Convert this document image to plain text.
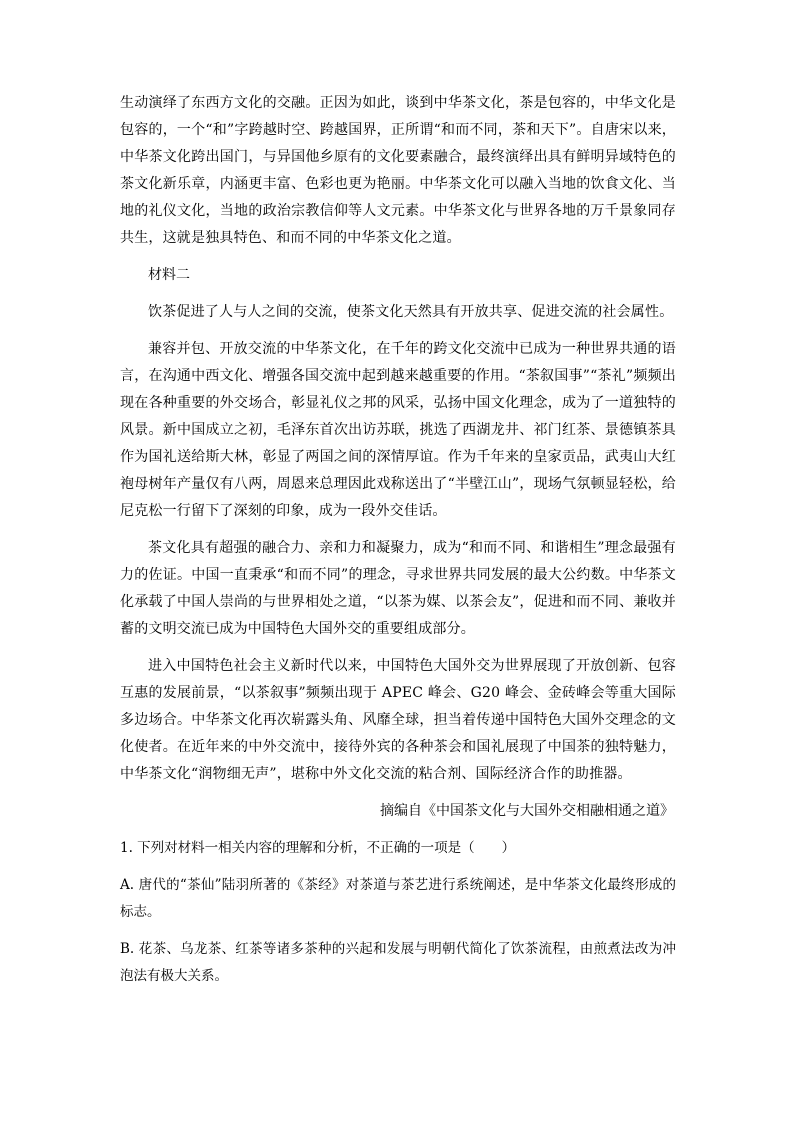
生动演绎了东西方文化的交融。正因为如此，谈到中华茶文化，茶是包容的，中华文化是包容的，一个“和”字跨越时空、跨越国界，正所谓“和而不同，茶和天下”。自唐宋以来，中华茶文化跨出国门，与异国他乡原有的文化要素融合，最终演绎出具有鲜明异域特色的茶文化新乐章，内涵更丰富、色彩也更为艳丽。中华茶文化可以融入当地的饮食文化、当地的礼仪文化，当地的政治宗教信仰等人文元素。中华茶文化与世界各地的万千景象同存共生，这就是独具特色、和而不同的中华茶文化之道。

材料二

饮茶促进了人与人之间的交流，使茶文化天然具有开放共享、促进交流的社会属性。

兼容并包、开放交流的中华茶文化，在千年的跨文化交流中已成为一种世界共通的语言，在沟通中西文化、增强各国交流中起到越来越重要的作用。“茶叙国事”“茶礼”频频出现在各种重要的外交场合，彰显礼仪之邦的风采，弘扬中国文化理念，成为了一道独特的风景。新中国成立之初，毛泽东首次出访苏联，挑选了西湖龙井、祁门红茶、景德镇茶具作为国礼送给斯大林，彰显了两国之间的深情厚谊。作为千年来的皇家贡品，武夷山大红袍母树年产量仅有八两，周恩来总理因此戏称送出了“半壁江山”，现场气氛顿显轻松，给尼克松一行留下了深刻的印象，成为一段外交佳话。

茶文化具有超强的融合力、亲和力和凝聚力，成为“和而不同、和谐相生”理念最强有力的佐证。中国一直秉承“和而不同”的理念，寻求世界共同发展的最大公约数。中华茶文化承载了中国人崇尚的与世界相处之道，“以茶为媒、以茶会友”，促进和而不同、兼收并蓄的文明交流已成为中国特色大国外交的重要组成部分。

进入中国特色社会主义新时代以来，中国特色大国外交为世界展现了开放创新、包容互惠的发展前景，“以茶叙事”频频出现于 APEC 峰会、G20 峰会、金砖峰会等重大国际多边场合。中华茶文化再次崭露头角、风靡全球，担当着传递中国特色大国外交理念的文化使者。在近年来的中外交流中，接待外宾的各种茶会和国礼展现了中国茶的独特魅力，中华茶文化“润物细无声”，堪称中外文化交流的粘合剂、国际经济合作的助推器。

摘编自《中国茶文化与大国外交相融相通之道》

1. 下列对材料一相关内容的理解和分析，不正确的一项是（　　）

A. 唐代的“茶仙”陆羽所著的《茶经》对茶道与茶艺进行系统阐述，是中华茶文化最终形成的标志。

B. 花茶、乌龙茶、红茶等诸多茶种的兴起和发展与明朝代简化了饮茶流程，由煎煮法改为冲泡法有极大关系。
